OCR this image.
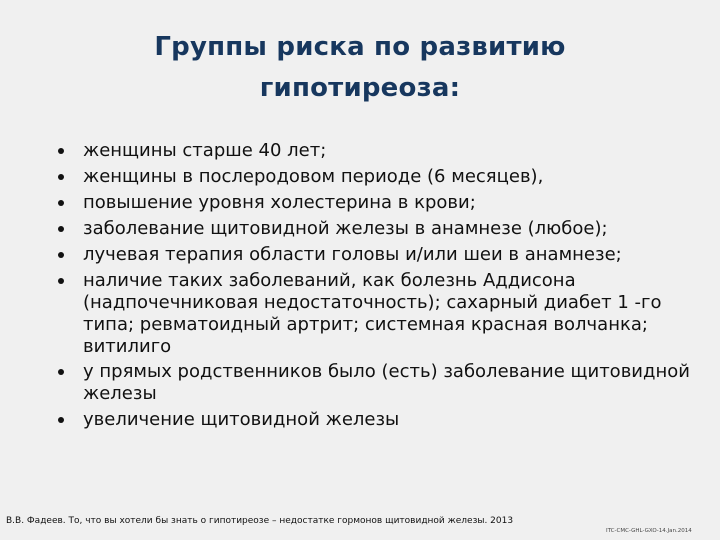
Группы риска по развитию
гипотиреоза:
женщины старше 40 лет;
женщины в послеродовом периоде (6 месяцев),
повышение уровня холестерина в крови;
заболевание щитовидной железы в анамнезе (любое);
лучевая терапия области головы и/или шеи в анамнезе;
наличие таких заболеваний, как болезнь Аддисона (надпочечниковая недостаточность); сахарный диабет 1 -го типа; ревматоидный артрит; системная красная волчанка; витилиго
у прямых родственников было (есть) заболевание щитовидной железы
увеличение щитовидной железы
В.В. Фадеев. То, что вы хотели бы знать о гипотиреозе – недостатке гормонов щитовидной железы. 2013
ITC-CMC-GHL-GXO-14.Jan.2014
